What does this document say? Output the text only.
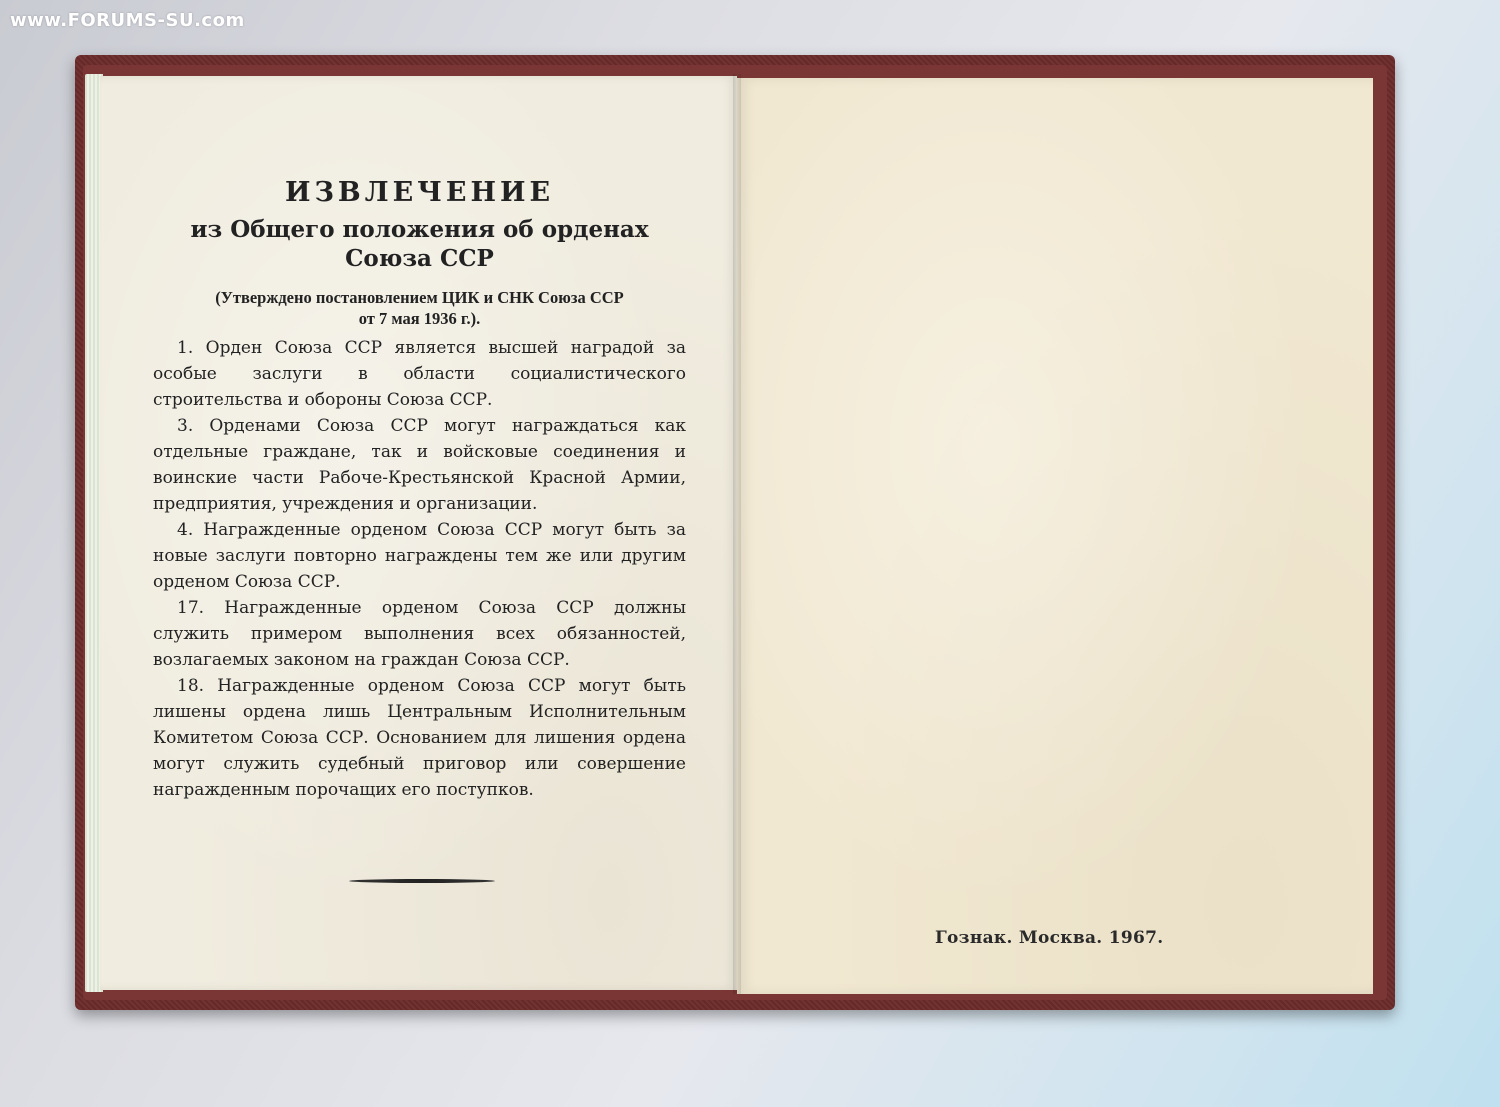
www.FORUMS-SU.com
ИЗВЛЕЧЕНИЕ
из Общего положения об орденах
Союза ССР
(Утверждено постановлением ЦИК и СНК Союза ССР
от 7 мая 1936 г.).

1. Орден Союза ССР является высшей наградой за особые заслуги в области социалистического строительства и обороны Союза ССР.

3. Орденами Союза ССР могут награждаться как отдельные граждане, так и войсковые соединения и воинские части Рабоче-Крестьянской Красной Армии, предприятия, учреждения и организации.

4. Награжденные орденом Союза ССР могут быть за новые заслуги повторно награждены тем же или другим орденом Союза ССР.

17. Награжденные орденом Союза ССР должны служить примером выполнения всех обязанностей, возлагаемых законом на граждан Союза ССР.

18. Награжденные орденом Союза ССР могут быть лишены ордена лишь Центральным Исполнительным Комитетом Союза ССР. Основанием для лишения ордена могут служить судебный приговор или совершение награжденным порочащих его поступков.

Гознак. Москва. 1967.
